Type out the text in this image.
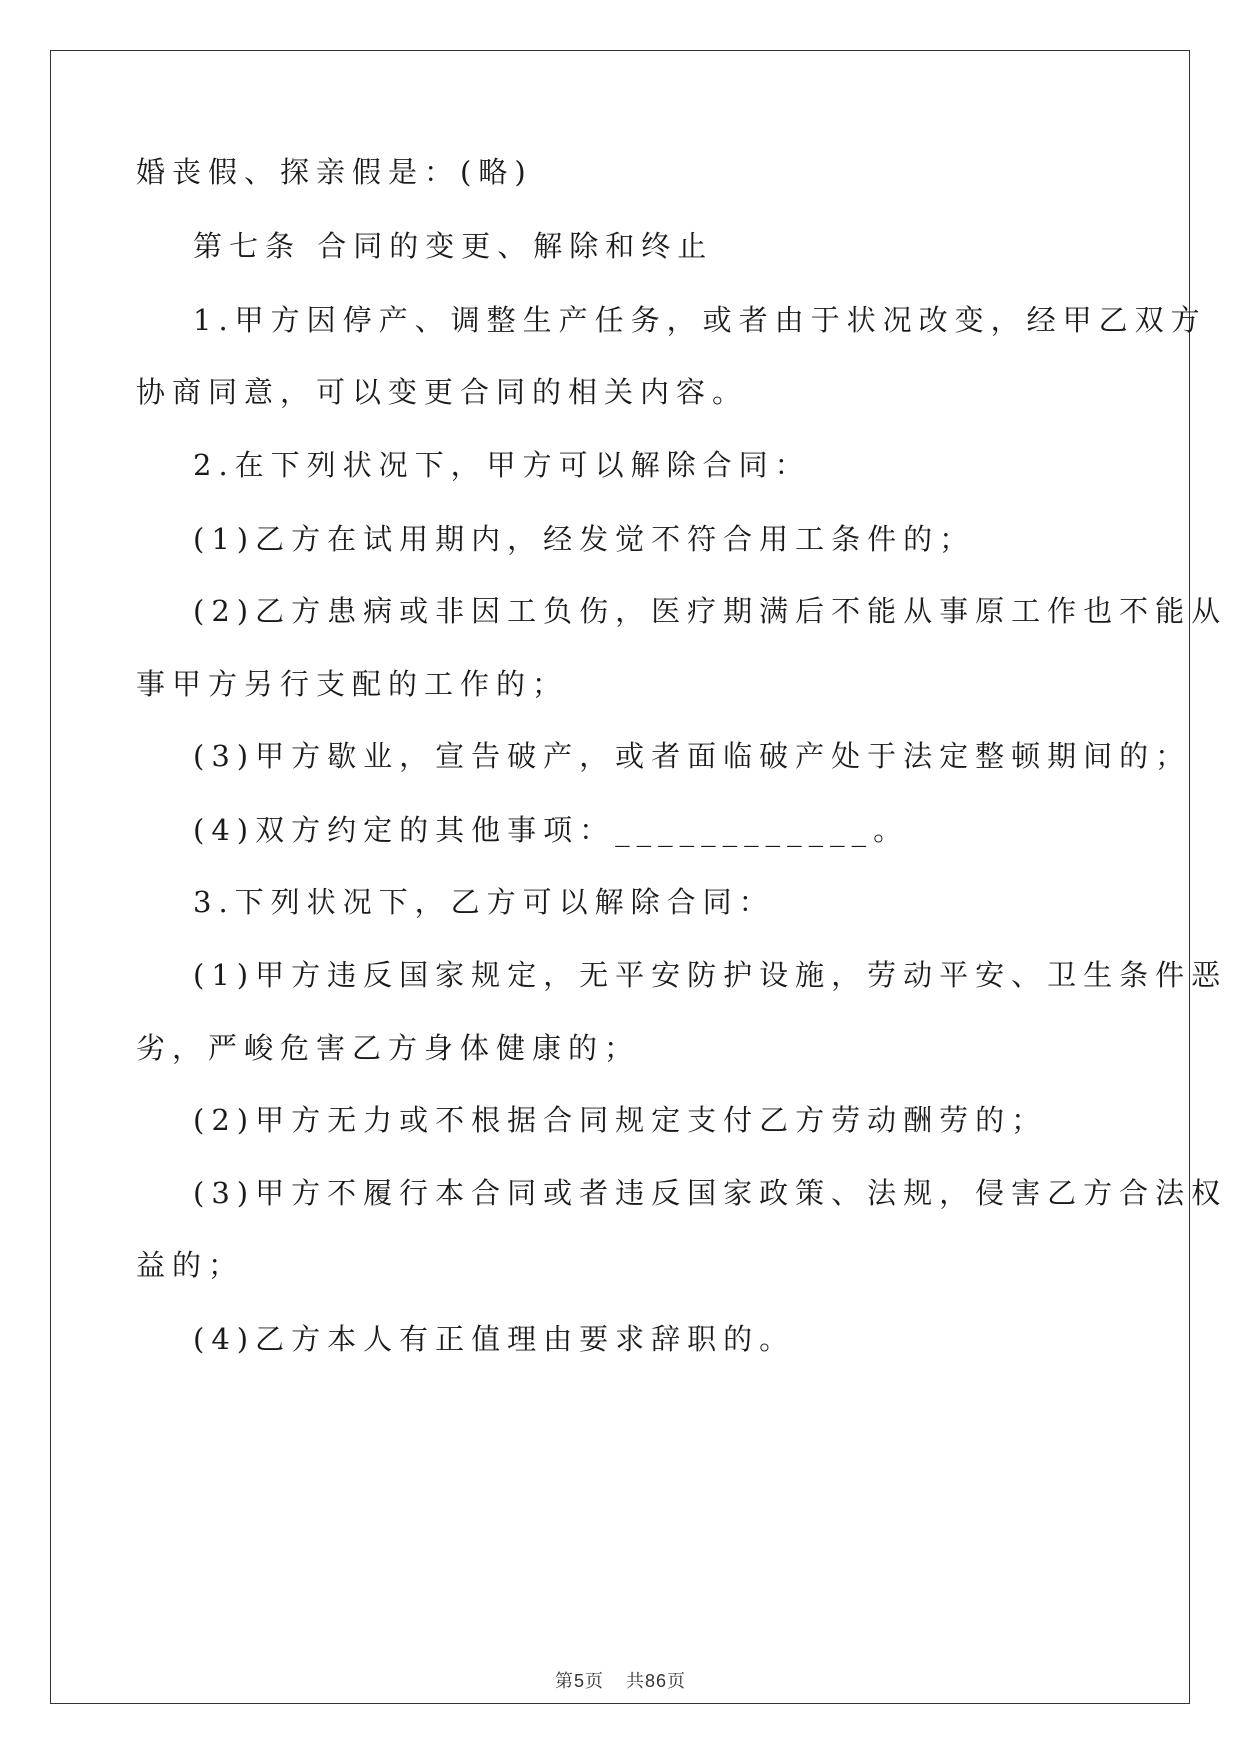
婚丧假、探亲假是：(略)
第七条 合同的变更、解除和终止
1.甲方因停产、调整生产任务，或者由于状况改变，经甲乙双方
协商同意，可以变更合同的相关内容。
2.在下列状况下，甲方可以解除合同：
(1)乙方在试用期内，经发觉不符合用工条件的；
(2)乙方患病或非因工负伤，医疗期满后不能从事原工作也不能从
事甲方另行支配的工作的；
(3)甲方歇业，宣告破产，或者面临破产处于法定整顿期间的；
(4)双方约定的其他事项：____________。
3.下列状况下，乙方可以解除合同：
(1)甲方违反国家规定，无平安防护设施，劳动平安、卫生条件恶
劣，严峻危害乙方身体健康的；
(2)甲方无力或不根据合同规定支付乙方劳动酬劳的；
(3)甲方不履行本合同或者违反国家政策、法规，侵害乙方合法权
益的；
(4)乙方本人有正值理由要求辞职的。
第5页 共86页
